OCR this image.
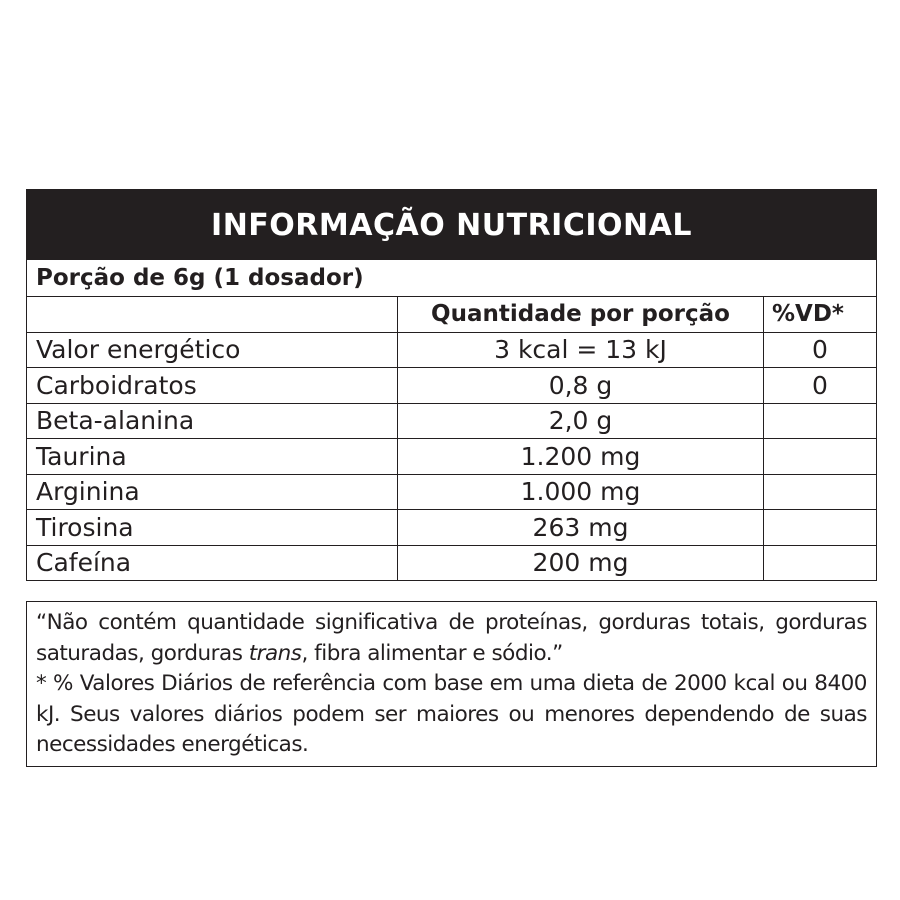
INFORMAÇÃO NUTRICIONAL
Porção de 6g (1 dosador)
Quantidade por porção	%VD*
Valor energético	3 kcal = 13 kJ	0
Carboidratos	0,8 g	0
Beta-alanina	2,0 g
Taurina	1.200 mg
Arginina	1.000 mg
Tirosina	263 mg
Cafeína	200 mg

“Não contém quantidade significativa de proteínas, gorduras totais, gorduras saturadas, gorduras trans, fibra alimentar e sódio.”

* % Valores Diários de referência com base em uma dieta de 2000 kcal ou 8400 kJ. Seus valores diários podem ser maiores ou menores dependendo de suas necessidades energéticas.
